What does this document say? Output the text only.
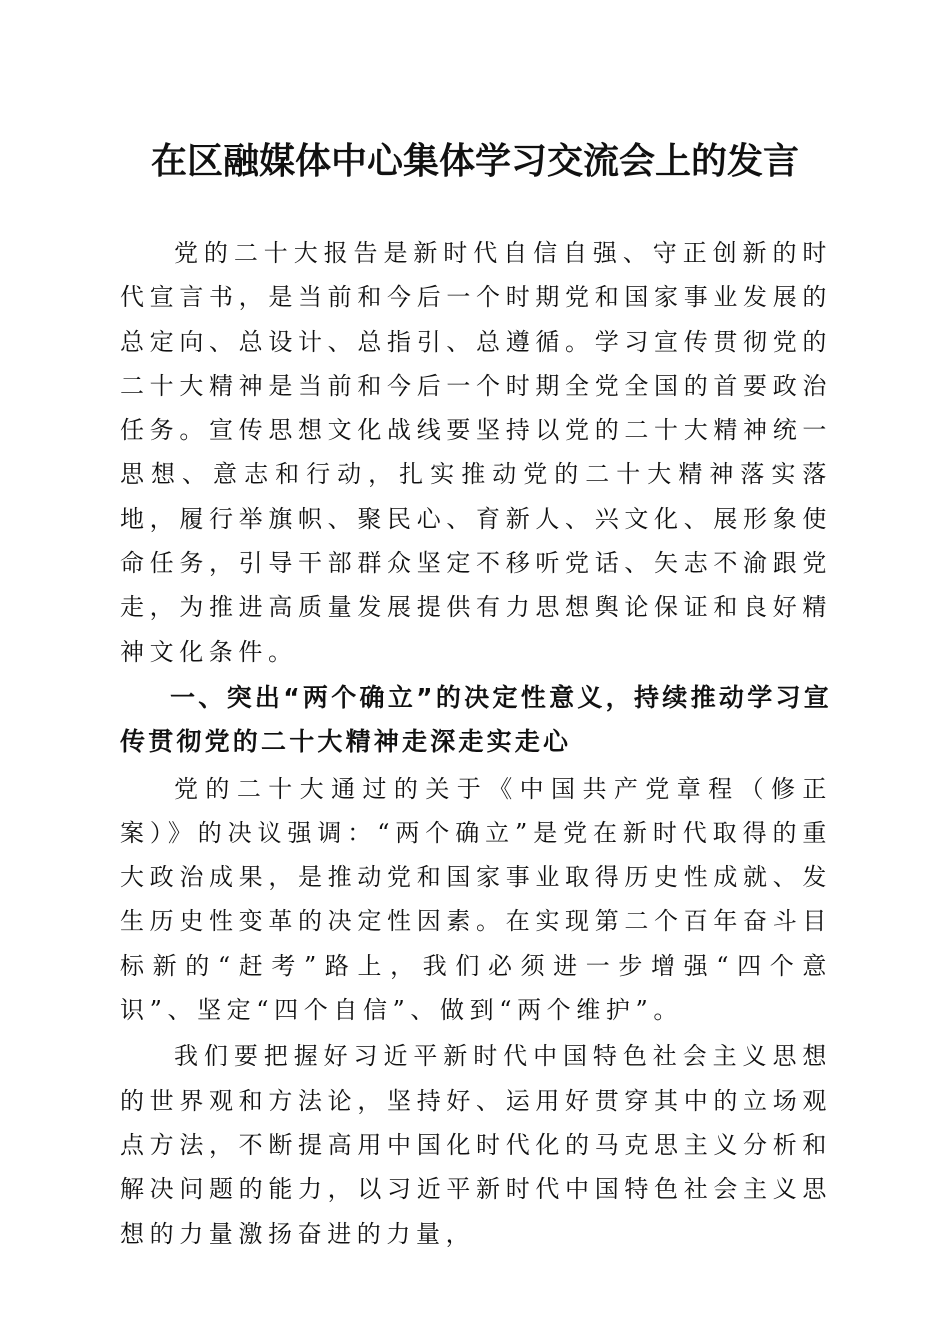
在区融媒体中心集体学习交流会上的发言

党的二十大报告是新时代自信自强、守正创新的时代宣言书，是当前和今后一个时期党和国家事业发展的总定向、总设计、总指引、总遵循。学习宣传贯彻党的二十大精神是当前和今后一个时期全党全国的首要政治任务。宣传思想文化战线要坚持以党的二十大精神统一思想、意志和行动，扎实推动党的二十大精神落实落地，履行举旗帜、聚民心、育新人、兴文化、展形象使命任务，引导干部群众坚定不移听党话、矢志不渝跟党走，为推进高质量发展提供有力思想舆论保证和良好精神文化条件。

一、突出“两个确立”的决定性意义，持续推动学习宣传贯彻党的二十大精神走深走实走心

党的二十大通过的关于《中国共产党章程（修正案）》的决议强调：“两个确立”是党在新时代取得的重大政治成果，是推动党和国家事业取得历史性成就、发生历史性变革的决定性因素。在实现第二个百年奋斗目标新的“赶考”路上，我们必须进一步增强“四个意识”、坚定“四个自信”、做到“两个维护”。

我们要把握好习近平新时代中国特色社会主义思想的世界观和方法论，坚持好、运用好贯穿其中的立场观点方法，不断提高用中国化时代化的马克思主义分析和解决问题的能力，以习近平新时代中国特色社会主义思想的力量激扬奋进的力量，
